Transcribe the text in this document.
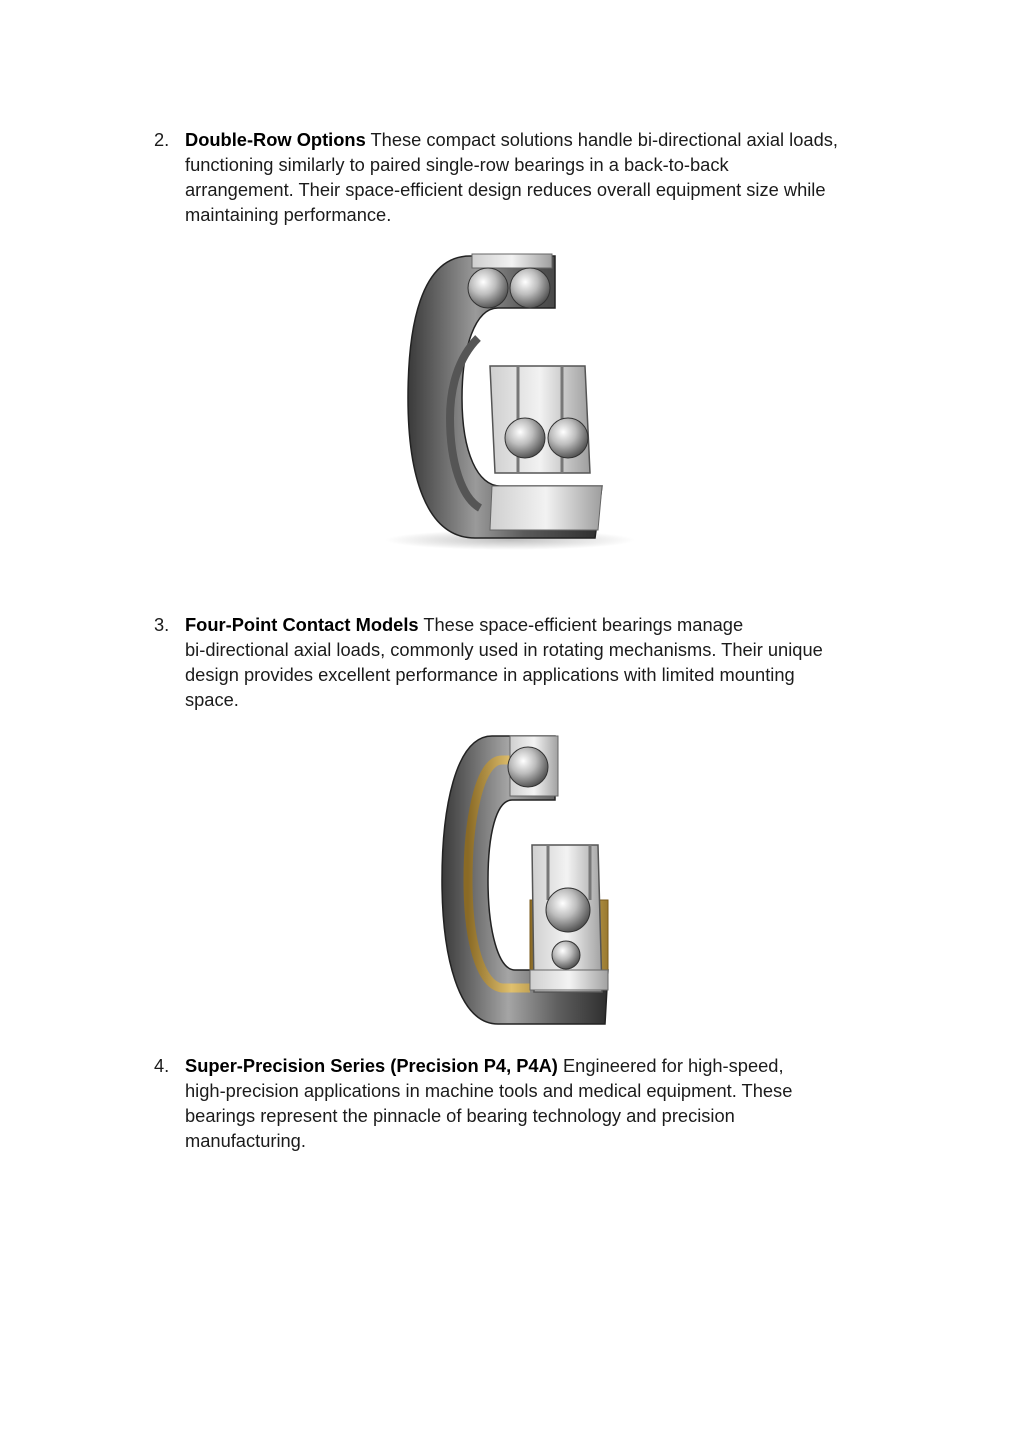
2. Double-Row Options These compact solutions handle bi-directional axial loads,
functioning similarly to paired single-row bearings in a back-to-back
arrangement. Their space-efficient design reduces overall equipment size while
maintaining performance.
3. Four-Point Contact Models These space-efficient bearings manage
bi-directional axial loads, commonly used in rotating mechanisms. Their unique
design provides excellent performance in applications with limited mounting
space.
4. Super-Precision Series (Precision P4, P4A) Engineered for high-speed,
high-precision applications in machine tools and medical equipment. These
bearings represent the pinnacle of bearing technology and precision
manufacturing.
